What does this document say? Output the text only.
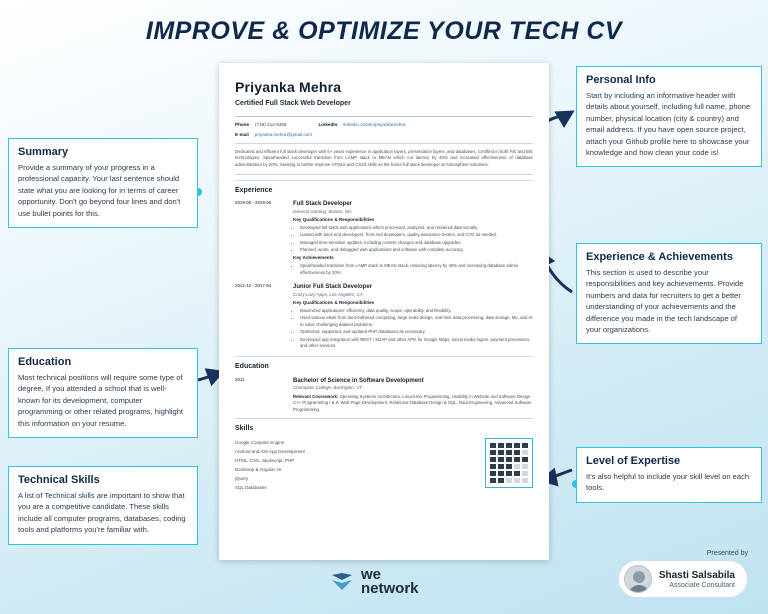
IMPROVE & OPTIMIZE YOUR TECH CV
Priyanka Mehra
Certified Full Stack Web Developer
Phone (718) 212-6466	LinkedIn linkedin.com/in/priyankamehra
E-mail priyanka.mehra@gmail.com
Dedicated and efficient full stack developer with 6+ years experience in application layers, presentation layers, and databases. Certified in both F/E and B/E technologies. Spearheaded successful transition from LAMP stack to MEAN which cut latency by 40% and increased effectiveness of database administrators by 20%. Seeking to further improve HTML5 and CSS3 skills as the future full stack developer at Atmosphere Solutions.
Experience
2016-05 - 2019-06	Full Stack Developer
General Gaming, Boston, MA
Key Qualifications & Responsibilities
• Developed full-stack web applications which processed, analyzed, and rendered data visually.
• Liaised with back end developers, front end developers, quality assurance testers, and CTO as needed.
• Managed time-sensitive updates, including content changes and database upgrades.
• Planned, wrote, and debugged web applications and software with complete accuracy.
Key Achievements
• Spearheaded transition from LAMP stack to MEAN stack, reducing latency by 40% and increasing database admin effectiveness by 20%.
2012-12 - 2017-04	Junior Full Stack Developer
Crazy Lazy Apps, Los Angeles, CA
Key Qualifications & Responsibilities
• Maximized applications' efficiency, data quality, scope, operability, and flexibility.
• Used various ideas from dont-bothered computing, large-scale design, real-time data processing, data storage, ML, and AI to solve challenging dataset problems.
• Optimized, supported, and updated PHP databases as necessary.
• Developed app integration with REST / SOAP and other APIs for Google Maps, social media logins, payment processors, and other services.
Education
2011	Bachelor of Science in Software Development
Champlain College, Burlington, VT
Relevant Coursework: Operating Systems Architecture, Linux/Unix Programming, Usability in Website and Software Design, C++ Programming I & II, Web Page Development, Relational Database Design & SQL, Data Engineering, Advanced Software Programming.
Skills
Google Compute Engine
Android and iOS App Development
HTML, CSS, JavaScript, PHP
Bootstrap & Angular JS
jQuery
SQL Databases
Summary

Provide a summary of your progress in a professional capacity. Your last sentence should state what you are looking for in terms of career opportunity. Don't go beyond four lines and don't use bullet points for this.

Education

Most technical positions will require some type of degree, If you attended a school that is well-known for its development, computer programming or other related programs, highlight this information on your resume.

Technical Skills

A list of Technical skills are important to show that you are a competitive candidate. These skills include all computer programs, databases, coding tools and platforms you're familiar with.

Personal Info

Start by including an informative header with details about yourself, including full name, phone number, physical location (city & country) and email address. If you have open source project, attach your Github profile here to showcase your knowledge and how clean your code is!

Experience & Achievements

This section is used to describe your responsibilities and key achievements. Provide numbers and data for recruiters to get a better understanding of your achievements and the difference you made in the tech landscape of your organizations.

Level of Expertise

It's also helpful to include your skill level on each tools.

we
network
Presented by
Shasti Salsabila
Associate Consultant
